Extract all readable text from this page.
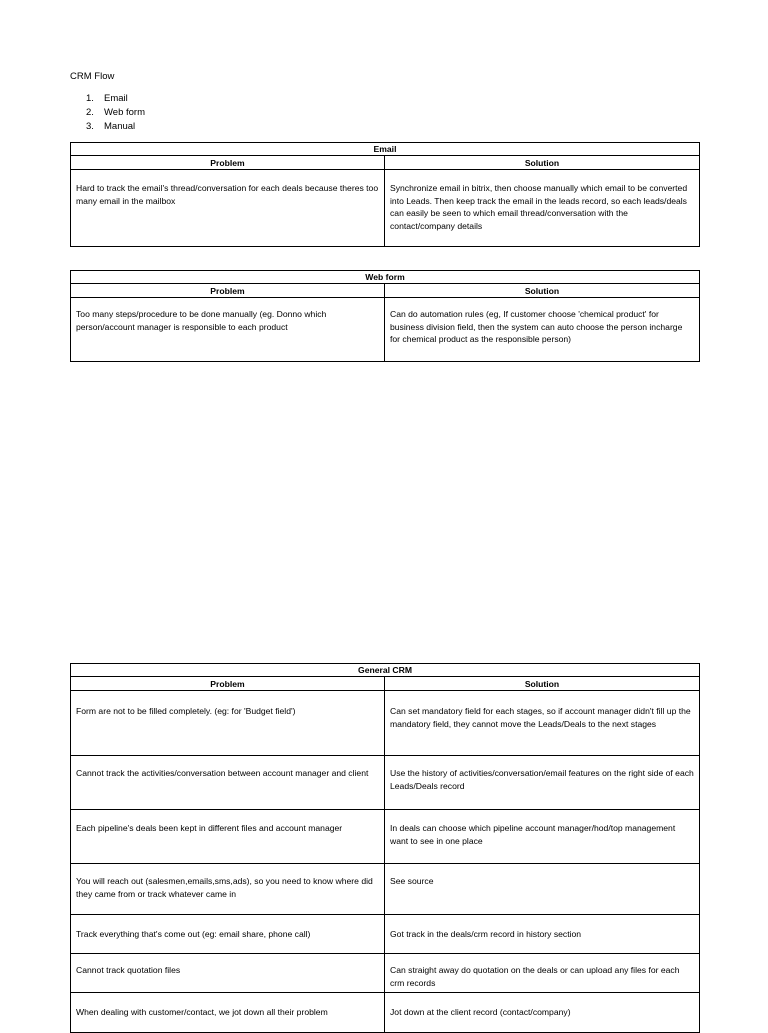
CRM Flow
1. Email
2. Web form
3. Manual
Email	
Problem	Solution
Hard to track the email's thread/conversation for each deals because theres too many email in the mailbox	Synchronize email in bitrix, then choose manually which email to be converted into Leads. Then keep track the email in the leads record, so each leads/deals can easily be seen to which email thread/conversation with the contact/company details
Web form	
Problem	Solution
Too many steps/procedure to be done manually (eg. Donno which person/account manager is responsible to each product	Can do automation rules (eg, If customer choose 'chemical product' for business division field, then the system can auto choose the person incharge for chemical product as the responsible person)
General CRM	
Problem	Solution
Form are not to be filled completely. (eg: for 'Budget field')	Can set mandatory field for each stages, so if account manager didn't fill up the mandatory field, they cannot move the Leads/Deals to the next stages
Cannot track the activities/conversation between account manager and client	Use the history of activities/conversation/email features on the right side of each Leads/Deals record
Each pipeline's deals been kept in different files and account manager	In deals can choose which pipeline account manager/hod/top management want to see in one place
You will reach out (salesmen,emails,sms,ads), so you need to know where did they came from or track whatever came in	See source
Track everything that's come out (eg: email share, phone call)	Got track in the deals/crm record in history section
Cannot track quotation files	Can straight away do quotation on the deals or can upload any files for each crm records
When dealing with customer/contact, we jot down all their problem	Jot down at the client record (contact/company)
